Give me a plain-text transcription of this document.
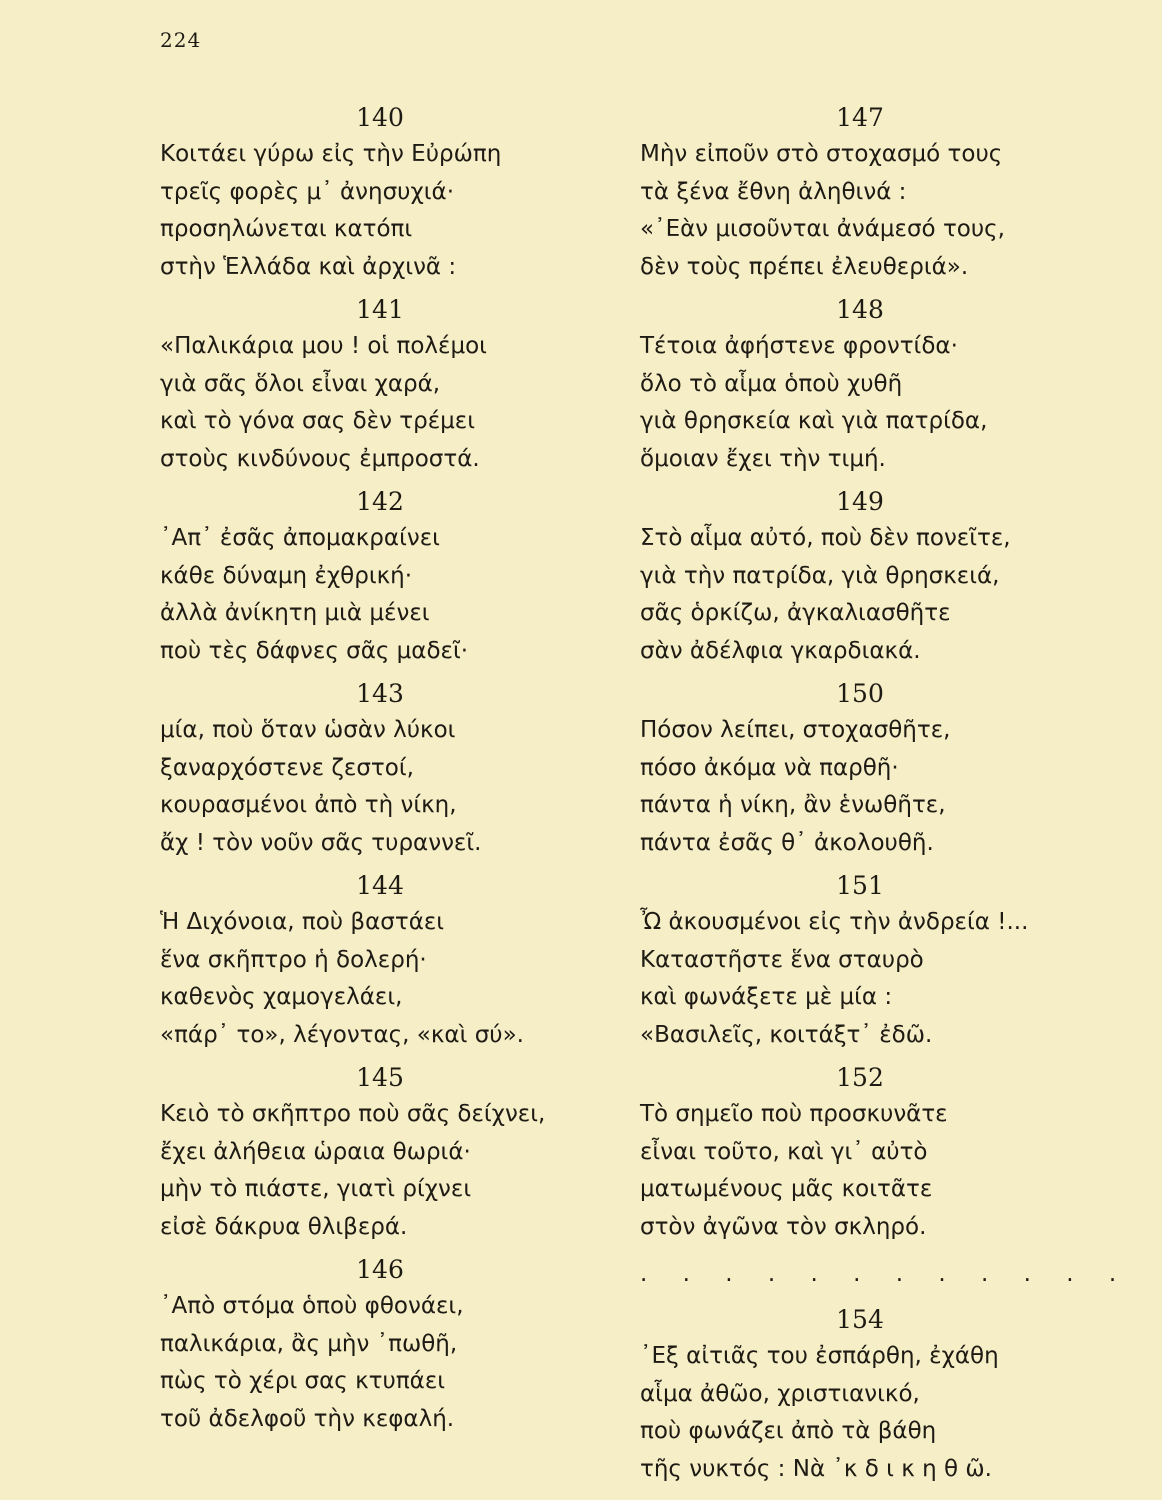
224
140
Κοιτάει γύρω εἰς τὴν Εὐρώπη
τρεῖς φορὲς μ᾽ ἀνησυχιά·
προσηλώνεται κατόπι
στὴν Ἑλλάδα καὶ ἀρχινᾶ :
141
«Παλικάρια μου ! οἱ πολέμοι
γιὰ σᾶς ὅλοι εἶναι χαρά,
καὶ τὸ γόνα σας δὲν τρέμει
στοὺς κινδύνους ἐμπροστά.
142
᾽Απ᾽ ἐσᾶς ἀπομακραίνει
κάθε δύναμη ἐχθρική·
ἀλλὰ ἀνίκητη μιὰ μένει
ποὺ τὲς δάφνες σᾶς μαδεῖ·
143
μία, ποὺ ὅταν ὡσὰν λύκοι
ξαναρχόστενε ζεστοί,
κουρασμένοι ἀπὸ τὴ νίκη,
ἄχ ! τὸν νοῦν σᾶς τυραννεῖ.
144
Ἡ Διχόνοια, ποὺ βαστάει
ἕνα σκῆπτρο ἡ δολερή·
καθενὸς χαμογελάει,
«πάρ᾽ το», λέγοντας, «καὶ σύ».
145
Κειὸ τὸ σκῆπτρο ποὺ σᾶς δείχνει,
ἔχει ἀλήθεια ὡραια θωριά·
μὴν τὸ πιάστε, γιατὶ ρίχνει
εἰσὲ δάκρυα θλιβερά.
146
᾽Απὸ στόμα ὁποὺ φθονάει,
παλικάρια, ἂς μὴν ᾽πωθῆ,
πὼς τὸ χέρι σας κτυπάει
τοῦ ἀδελφοῦ τὴν κεφαλή.
147
Μὴν εἰποῦν στὸ στοχασμό τους
τὰ ξένα ἔθνη ἀληθινά :
«᾽Εὰν μισοῦνται ἀνάμεσό τους,
δὲν τοὺς πρέπει ἐλευθεριά».
148
Τέτοια ἀφήστενε φροντίδα·
ὅλο τὸ αἷμα ὁποὺ χυθῆ
γιὰ θρησκεία καὶ γιὰ πατρίδα,
ὅμοιαν ἔχει τὴν τιμή.
149
Στὸ αἷμα αὐτό, ποὺ δὲν πονεῖτε,
γιὰ τὴν πατρίδα, γιὰ θρησκειά,
σᾶς ὁρκίζω, ἀγκαλιασθῆτε
σὰν ἀδέλφια γκαρδιακά.
150
Πόσον λείπει, στοχασθῆτε,
πόσο ἀκόμα νὰ παρθῆ·
πάντα ἡ νίκη, ἂν ἑνωθῆτε,
πάντα ἐσᾶς θ᾽ ἀκολουθῆ.
151
Ὦ ἀκουσμένοι εἰς τὴν ἀνδρεία !...
Καταστῆστε ἕνα σταυρὸ
καὶ φωνάξετε μὲ μία :
«Βασιλεῖς, κοιτάξτ᾽ ἐδῶ.
152
Τὸ σημεῖο ποὺ προσκυνᾶτε
εἶναι τοῦτο, καὶ γι᾽ αὐτὸ
ματωμένους μᾶς κοιτᾶτε
στὸν ἀγῶνα τὸν σκληρό.
. . . . . . . . . . . .
154
᾽Εξ αἰτιᾶς του ἐσπάρθη, ἐχάθη
αἷμα ἀθῶο, χριστιανικό,
ποὺ φωνάζει ἀπὸ τὰ βάθη
τῆς νυκτός : Νὰ ᾽κ δ ι κ η θ ῶ.
